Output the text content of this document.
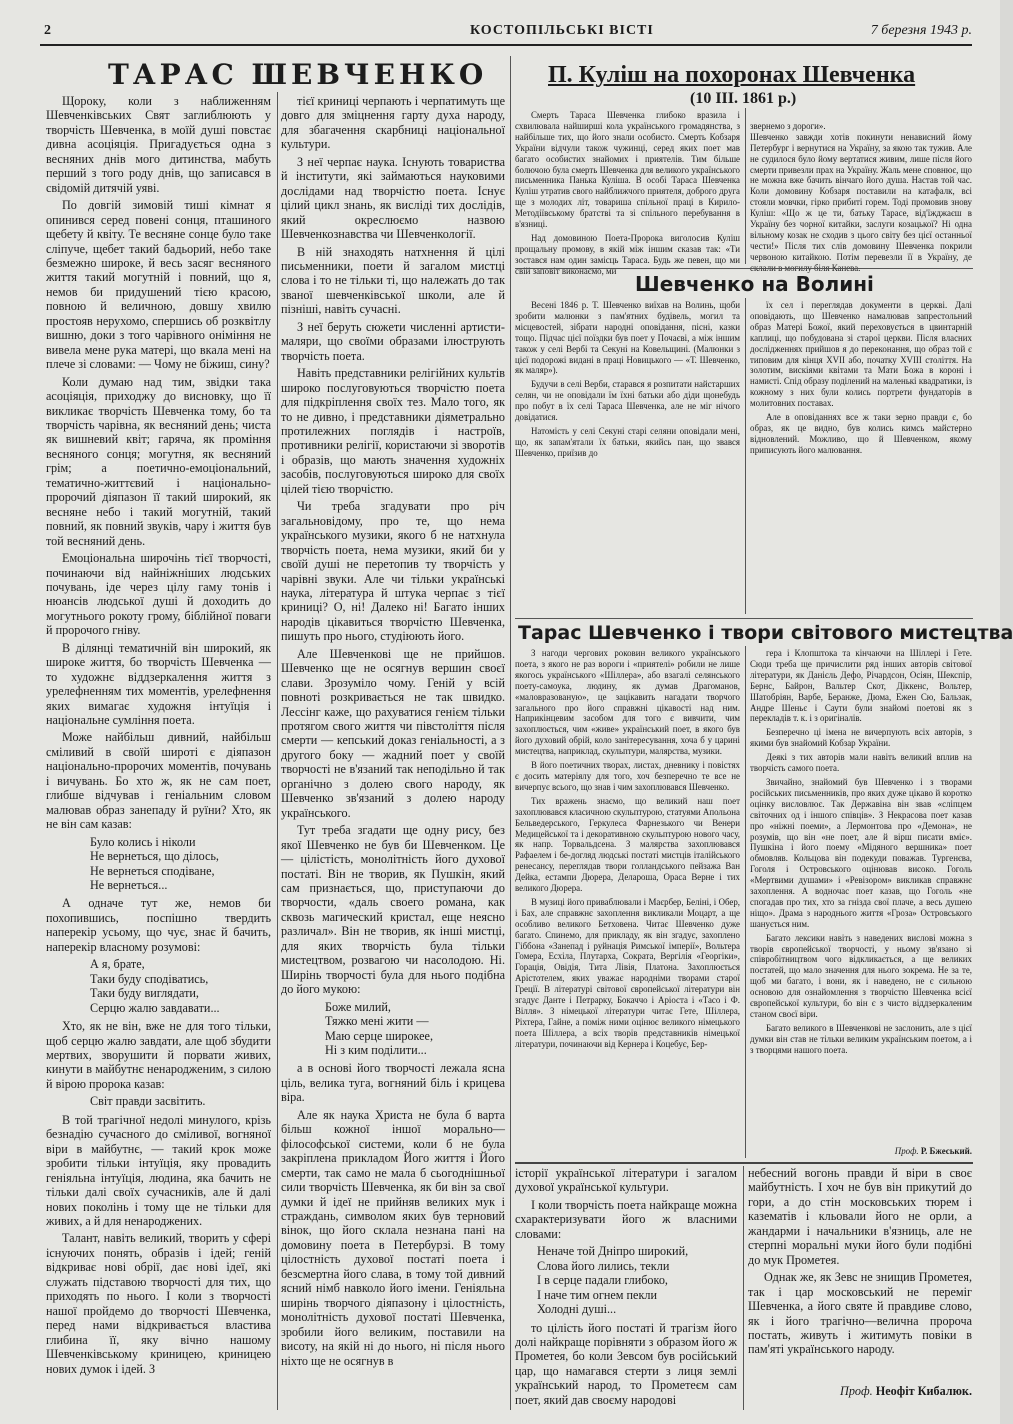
2	КОСТОПІЛЬСЬКІ ВІСТІ	7 березня 1943 р.
ТАРАС ШЕВЧЕНКО

Щороку, коли з наближенням Шевченківських Свят заглиблюють у творчість Шевченка, в моїй душі повстає дивна асоціяція. Пригадується одна з весняних днів мого дитинства, мабуть перший з того роду днів, що записався в свідомій дитячій уяві.

По довгій зимовій тиші кімнат я опинився серед повені сонця, пташиного щебету й квіту. Те весняне сонце було таке сліпуче, щебет такий бадьорий, небо таке безмежно широке, й весь засяг весняного життя такий могутній і повний, що я, немов би придушений тією красою, повною й величною, довшу хвилю простояв нерухомо, спершись об розквітлу вишню, доки з того чарівного оніміння не вивела мене рука матері, що вкала мені на плече зі словами: — Чому не біжиш, сину?

Коли думаю над тим, звідки така асоціяція, приходжу до висновку, що її викликає творчість Шевченка тому, бо та творчість чарівна, як весняний день; чиста як вишневий квіт; гаряча, як проміння весняного сонця; могутня, як весняний грім; а поетично-емоціональний, тематично-життєвий і національно-пророчий діяпазон її такий широкий, як весняне небо і такий могутній, такий повний, як повний звуків, чару і життя був той весняний день.

Емоціональна широчінь тієї творчості, починаючи від найніжніших людських почувань, іде через цілу гаму тонів і нюансів людської душі й доходить до могутнього рокоту грому, біблійної поваги й пророчого гніву.

В ділянці тематичній він широкий, як широке життя, бо творчість Шевченка — то художнє віддзеркалення життя з урелефненням тих моментів, урелефнення яких вимагає художня інтуїція і національне сумління поета.

Може найбільш дивний, найбільш сміливий в своїй широті є діяпазон національно-пророчих моментів, почувань і вичувань. Бо хто ж, як не сам поет, глибше відчував і геніальним словом малював образ занепаду й руїни? Хто, як не він сам казав:

Було колись і ніколи
Не вернеться, що ділось,
Не вернеться сподіване,
Не вернеться...

А одначе тут же, немов би похопившись, поспішно твердить наперекір усьому, що чує, знає й бачить, наперекір власному розумові:

А я, брате,
Таки буду сподіватись,
Таки буду виглядати,
Серцю жалю завдавати...

Хто, як не він, вже не для того тільки, щоб серцю жалю завдати, але щоб збудити мертвих, зворушити й порвати живих, кинути в майбутнє ненародженим, з силою й вірою пророка казав:

Світ правди засвітить.

В той трагічної недолі минулого, крізь безнадію сучасного до сміливої, вогняної віри в майбутнє, — такий крок може зробити тільки інтуїція, яку провадить геніяльна інтуїція, людина, яка бачить не тільки далі своїх сучасників, але й далі нових поколінь і тому ще не тільки для живих, а й для ненароджених.

Талант, навіть великий, творить у сфері існуючих понять, образів і ідей; геній відкриває нові обрії, дає нові ідеї, які служать підставою творчості для тих, що приходять по нього. І коли з творчості нашої пройдемо до творчості Шевченка, перед нами відкривається властива глибина її, яку вічно нашому Шевченківському криницею, криницею нових думок і ідей. З

тієї криниці черпають і черпатимуть ще довго для зміцнення гарту духа народу, для збагачення скарбниці національної культури.

З неї черпає наука. Існують товариства й інститути, які займаються науковими дослідами над творчістю поета. Існує цілий цикл знань, як висліді тих дослідів, який окреслюємо назвою Шевченкознавства чи Шевченкології.

В ній знаходять натхнення й цілі письменники, поети й загалом мистці слова і то не тільки ті, що належать до так званої шевченківської школи, але й пізніші, навіть сучасні.

З неї беруть сюжети численні артисти-маляри, що своїми образами ілюструють творчість поета.

Навіть представники релігійних культів широко послуговуються творчістю поета для підкріплення своїх тез. Мало того, як то не дивно, і представники діяметрально протилежних поглядів і настроїв, противники релігії, користаючи зі зворотів і образів, що мають значення художніх засобів, послуговуються широко для своїх цілей тією творчістю.

Чи треба згадувати про річ загальновідому, про те, що нема українського музики, якого б не натхнула творчість поета, нема музики, який би у своїй душі не перетопив ту творчість у чарівні звуки. Але чи тільки українські наука, література й штука черпає з тієї криниці? О, ні! Далеко ні! Багато інших народів цікавиться творчістю Шевченка, пишуть про нього, студіюють його.

Але Шевченкові ще не прийшов. Шевченко ще не осягнув вершин своєї слави. Зрозуміло чому. Геній у всій повноті розкривається не так швидко. Лессінг каже, що рахуватися генієм тільки протягом свого життя чи півстоліття після смерти — кепський доказ геніальності, а з другого боку — жадний поет у своїй творчості не в'язаний так неподільно й так органічно з долею свого народу, як Шевченко зв'язаний з долею народу українського.

Тут треба згадати ще одну рису, без якої Шевченко не був би Шевченком. Це — цілістість, монолітність його духової постаті. Він не творив, як Пушкін, який сам признається, що, приступаючи до творчости, «даль своего романа, как сквозь магический кристал, еще неясно различал». Він не творив, як інші мистці, для яких творчість була тільки мистецтвом, розвагою чи насолодою. Ні. Ширінь творчості була для нього подібна до його мукою:

Боже милий,
Тяжко мені жити —
Маю серце широкее,
Ні з ким поділити...

а в основі його творчості лежала ясна ціль, велика туга, вогняний біль і крицева віра.

Але як наука Христа не була б варта більш кожної іншої морально—філософської системи, коли б не була закріплена прикладом Його життя і Його смерти, так само не мала б сьогоднішньої сили творчість Шевченка, як би він за свої думки й ідеї не прийняв великих мук і страждань, символом яких був терновий вінок, що його склала незнана пані на домовину поета в Петербурзі. В тому цілостність духової постаті поета і безсмертна його слава, в тому той дивний ясний німб навколо його імени. Геніяльна ширінь творчого діяпазону і цілостність, монолітність духової постаті Шевченка, зробили його великим, поставили на висоту, на якій ні до нього, ні після нього ніхто ще не осягнув в

П. Куліш на похоронах Шевченка
(10 III. 1861 р.)

Смерть Тараса Шевченка глибоко вразила і схвилювала найширші кола українського громадянства, з найбільше тих, що його знали особисто. Смерть Кобзаря України відчули також чужинці, серед яких поет мав багато особистих знайомих і приятелів. Тим більше болючою була смерть Шевченка для великого українського письменника Панька Куліша. В особі Тараса Шевченка Куліш утратив свого найближчого приятеля, доброго друга ще з молодих літ, товариша спільної праці в Кирило-Методіївському братстві та зі спільного перебування в в'язниці.

Над домовиною Поета-Пророка виголосив Куліш прощальну промову, в якій між іншим сказав так: «Ти зостався нам один замісць Тараса. Будь же певен, що ми свій заповіт виконаємо, ми

звернемо з дороги».
Шевченко завжди хотів покинути ненависний йому Петербург і вернутися на Україну, за якою так тужив. Але не судилося було йому вертатися живим, лише після його смерти привезли прах на Україну. Жаль мене сповнює, що не можна вже бачить вінчаго його душа. Настав той час. Коли домовину Кобзаря поставили на катафалк, всі стояли мовчки, гірко прибиті горем. Тоді промовив знову Куліш: «Що ж це ти, батьку Тарасе, від'їжджаєш в Україну без чорної китайки, заслуги козацької? Ні одна вільному козак не сходив з цього світу без цієї останньої чести!» Після тих слів домовину Шевченка покрили червоною китайкою. Потім перевезли її в Україну, де склали в могилу біля Канева.

Шевченко на Волині

Весені 1846 р. Т. Шевченко виїхав на Волинь, щоби зробити малюнки з пам'ятних будівель, могил та місцевостей, зібрати народні оповідання, пісні, казки тощо. Підчас цієї поїздки був поет у Почаєві, а між іншим також у селі Вербі та Секуні на Ковельщині. (Малюнки з цієї подорожі видані в праці Новицького — «Т. Шевченко, як маляр»).

Будучи в селі Верби, старався я розпитати найстарших селян, чи не оповідали їм їхні батьки або діди щонебудь про побут в їх селі Тараса Шевченка, але не міг нічого довідатися.

Натомість у селі Секуні старі селяни оповідали мені, що, як запам'ятали їх батьки, якийсь пан, що звався Шевченко, приїзив до

їх сел і переглядав документи в церкві. Далі оповідають, що Шевченко намалював запрестольний образ Матері Божої, який переховується в цвинтарній каплиці, що побудована зі старої церкви. Після власних дослідженнях прийшов я до переконання, що образ той є типовим для кінця XVII або, початку XVIII століття. На золотим, вискіями квітами та Мати Божа в короні і намисті. Спід образу поділений на маленькі квадратики, із кожному з них були колись портрети фундаторів в молитовних поставах.

Але в оповіданнях все ж таки зерно правди є, бо образ, як це видно, був колись кимсь майстерно відновлений. Можливо, що й Шевченком, якому приписують його малювання.

Тарас Шевченко і твори світового мистецтва

З нагоди чергових роковин великого українського поета, з якого не раз вороги і «приятелі» робили не лише якогось українського «Шіллера», або взагалі селянського поету-самоука, людину, як думав Драгоманов, «маловразованую», це зацікавить нагадати творчого загального про його справжні цікавості над ним. Наприкінцевим засобом для того є вивчити, чим захоплюється, чим «живе» український поет, в якого був його духовий обрій, коло занітересування, хоча б у царині мистецтва, наприклад, скульптури, малярства, музики.

В його поетичних творах, листах, дневнику і повістях є досить матеріялу для того, хоч безперечно те все не вичерпує всього, що знав і чим захоплювався Шевченко.

Тих вражень знаємо, що великий наш поет захоплювався класичною скульптурою, статуями Апольона Бельведерського, Геркулеса Фарнезького чи Венери Медицейської та і декоративною скульптурою нового часу, як напр. Торвальдсена. З малярства захоплювався Рафаелем і бе-догляд людські постаті мистців італійського ренесансу, переглядав твори голландського пейзажа Ван Дейка, естампи Дюрера, Делароша, Ораса Верне і тих великого Дюрера.

В музиці його приваблювали і Маєрбер, Беліні, і Обер, і Бах, але справжнє захоплення викликали Моцарт, а ще особливо великого Бетховена. Читає Шевченко дуже багато. Спинемо, для прикладу, як він згадує, захоплено Гіббона «Занепад і руйнація Римської імперії», Вольтера Гомера, Есхіла, Плутарха, Сократа, Вергілія «Георгіки», Горація, Овідія, Тита Лівія, Платона. Захоплюється Арістотелем, яких уважає народніми творами старої Греції. В літературі світової європейської літератури він згадує Данте і Петрарку, Бокаччо і Аріоста і «Тасо і Ф. Вілля». З німецької літератури читає Гете, Шіллера, Ріхтера, Гайне, а поміж ними оцінює великого німецького поета Шіллера, а всіх творів представників німецької літератури, починаючи від Кернера і Коцебує, Бер-

гера і Клопштока та кінчаючи на Шіллері і Гете. Сюди треба ще причислити ряд інших авторів світової літератури, як Данієль Дефо, Річардсон, Осіян, Шекспір, Бернс, Байрон, Вальтер Скот, Діккенс, Вольтер, Шатобріян, Варбе, Беранже, Дюма, Ежен Сю, Бальзак, Андре Шеньє і Саути були знайомі поетові як з перекладів т. к. і з оригіналів.

Безперечно ці імена не вичерпують всіх авторів, з якими був знайомий Кобзар України.

Деякі з тих авторів мали навіть великий вплив на творчість самого поета.

Звичайно, знайомий був Шевченко і з творами російських письменників, про яких дуже цікаво й коротко оцінку висловлює. Так Державіна він звав «сліпцем світочних од і іншого співців». З Некрасова поет казав про «ніжні поеми», а Лермонтова про «Демона», не розумів, що він «не поет, але й вірш писати вміє». Пушкіна і його поему «Мідяного вершника» поет обмовляв. Кольцова він подекуди поважав. Тургенєва, Гоголя і Островського оцінював високо. Гоголь «Мертвими душами» і «Ревізором» викликав справжнє захоплення. А водночас поет казав, що Гоголь «не спогадав про тих, хто за гнізда свої плаче, а весь душею ніщо». Драма з народнього життя «Гроза» Островського шанується ним.

Багато лексики навіть з наведених вислові можна з творів європейської творчості, у ньому зв'язано зі співробітництвом чого відкликається, а ще великих постатей, що мало значення для нього зокрема. Не за те, щоб ми багато, і вони, як і наведено, не є сильною основою для ознайомлення з творчістю Шевченка всієї європейської культури, бо він є з чисто віддзеркаленим станом своєї віри.

Багато великого в Шевченкові не заслонить, але з цієї думки він став не тільки великим українським поетом, а і з творцями нашого поета.

Проф. Р. Бжеський.

історії української літератури і загалом духової української культури.

І коли творчість поета найкраще можна схарактеризувати його ж власними словами:

Неначе той Дніпро широкий,
Слова його лились, текли
І в серце падали глибоко,
І наче тим огнем пекли
Холодні душі...

то цілість його постаті й трагізм його долі найкраще порівняти з образом його ж Прометея, бо коли Зевсом був російський цар, що намагався стерти з лиця землі український народ, то Прометеєм сам поет, який дав своєму народові

небесний вогонь правди й віри в своє майбутність. І хоч не був він прикутий до гори, а до стін московських тюрем і казематів і кльовали його не орли, а жандарми і начальники в'язниць, але не стерпні моральні муки його були подібні до мук Прометея.

Однак же, як Зевс не знищив Прометея, так і цар московський не переміг Шевченка, а його святе й правдиве слово, як і його трагічно—велична пророча постать, живуть і житимуть повіки в пам'яті українського народу.

Проф. Неофіт Кибалюк.
